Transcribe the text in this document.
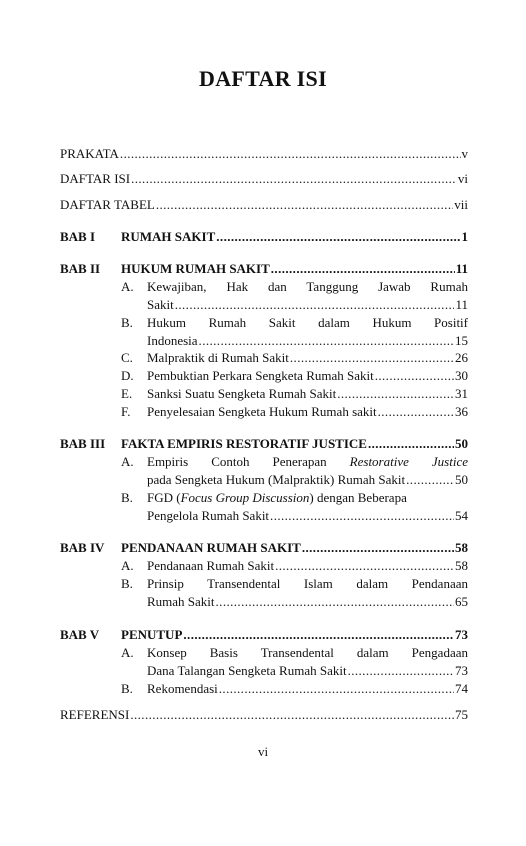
DAFTAR ISI
PRAKATA .....	v
DAFTAR ISI .....	vi
DAFTAR TABEL .....	vii
BAB I RUMAH SAKIT .....	1
BAB II HUKUM RUMAH SAKIT .....	11
A. Kewajiban, Hak dan Tanggung Jawab Rumah
Sakit .....	11
B. Hukum Rumah Sakit dalam Hukum Positif
Indonesia .....	15
C. Malpraktik di Rumah Sakit .....	26
D. Pembuktian Perkara Sengketa Rumah Sakit .....	30
E. Sanksi Suatu Sengketa Rumah Sakit .....	31
F. Penyelesaian Sengketa Hukum Rumah sakit .....	36
BAB III FAKTA EMPIRIS RESTORATIF JUSTICE .....	50
A. Empiris Contoh Penerapan Restorative Justice
pada Sengketa Hukum (Malpraktik) Rumah Sakit .....	50
B. FGD (Focus Group Discussion) dengan Beberapa
Pengelola Rumah Sakit .....	54
BAB IV PENDANAAN RUMAH SAKIT .....	58
A. Pendanaan Rumah Sakit .....	58
B. Prinsip Transendental Islam dalam Pendanaan
Rumah Sakit .....	65
BAB V PENUTUP .....	73
A. Konsep Basis Transendental dalam Pengadaan
Dana Talangan Sengketa Rumah Sakit .....	73
B. Rekomendasi .....	74
REFERENSI .....	75
vi
